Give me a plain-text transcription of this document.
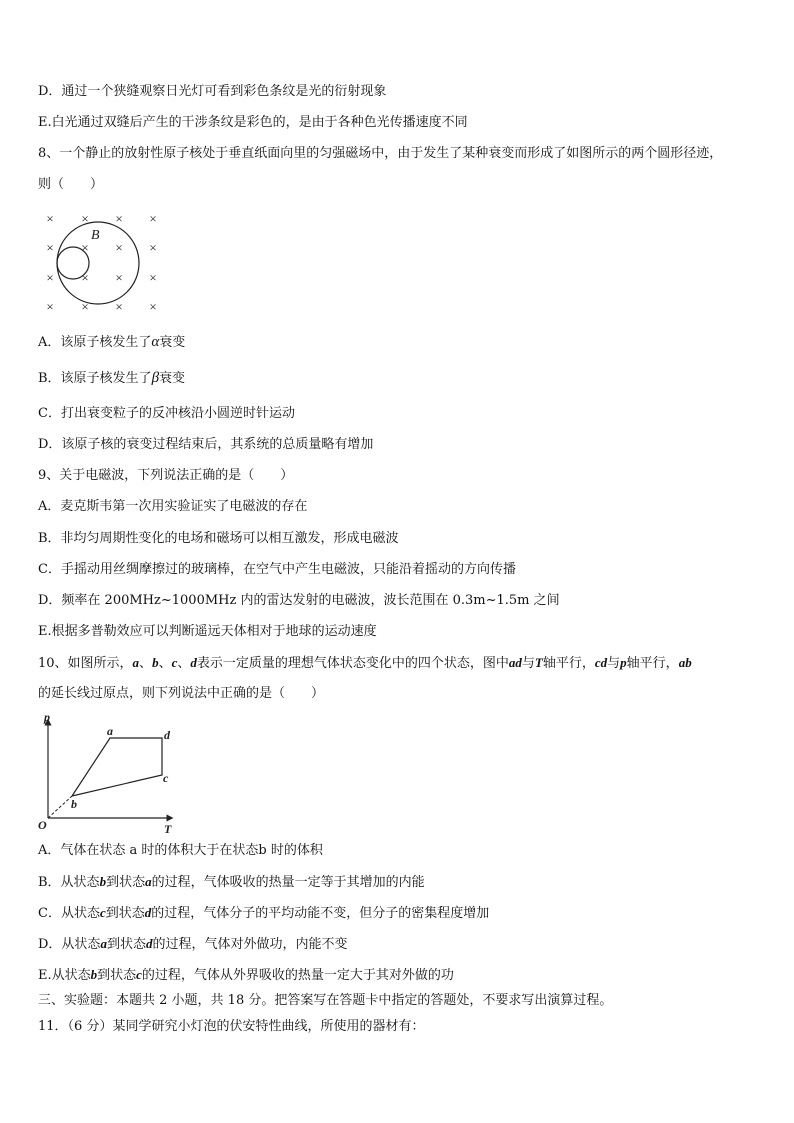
D．通过一个狭缝观察日光灯可看到彩色条纹是光的衍射现象
E.白光通过双缝后产生的干涉条纹是彩色的，是由于各种色光传播速度不同
8、一个静止的放射性原子核处于垂直纸面向里的匀强磁场中，由于发生了某种衰变而形成了如图所示的两个圆形径迹，
则（　　）
× × × ×
× × × ×
× × × ×
× × × ×
B
A．该原子核发生了α衰变
B．该原子核发生了β衰变
C．打出衰变粒子的反冲核沿小圆逆时针运动
D．该原子核的衰变过程结束后，其系统的总质量略有增加
9、关于电磁波，下列说法正确的是（　　）
A．麦克斯韦第一次用实验证实了电磁波的存在
B．非均匀周期性变化的电场和磁场可以相互激发，形成电磁波
C．手摇动用丝绸摩擦过的玻璃棒，在空气中产生电磁波，只能沿着摇动的方向传播
D．频率在 200MHz~1000MHz 内的雷达发射的电磁波，波长范围在 0.3m~1.5m 之间
E.根据多普勒效应可以判断遥远天体相对于地球的运动速度
10、如图所示，a、b、c、d表示一定质量的理想气体状态变化中的四个状态，图中ad与T轴平行，cd与p轴平行，ab
的延长线过原点，则下列说法中正确的是（　　）
p
T
O
a
b
c
d
A．气体在状态 a 时的体积大于在状态b 时的体积
B．从状态b到状态a的过程，气体吸收的热量一定等于其增加的内能
C．从状态c到状态d的过程，气体分子的平均动能不变，但分子的密集程度增加
D．从状态a到状态d的过程，气体对外做功，内能不变
E.从状态b到状态c的过程，气体从外界吸收的热量一定大于其对外做的功
三、实验题：本题共 2 小题，共 18 分。把答案写在答题卡中指定的答题处，不要求写出演算过程。
11．（6 分）某同学研究小灯泡的伏安特性曲线，所使用的器材有：
